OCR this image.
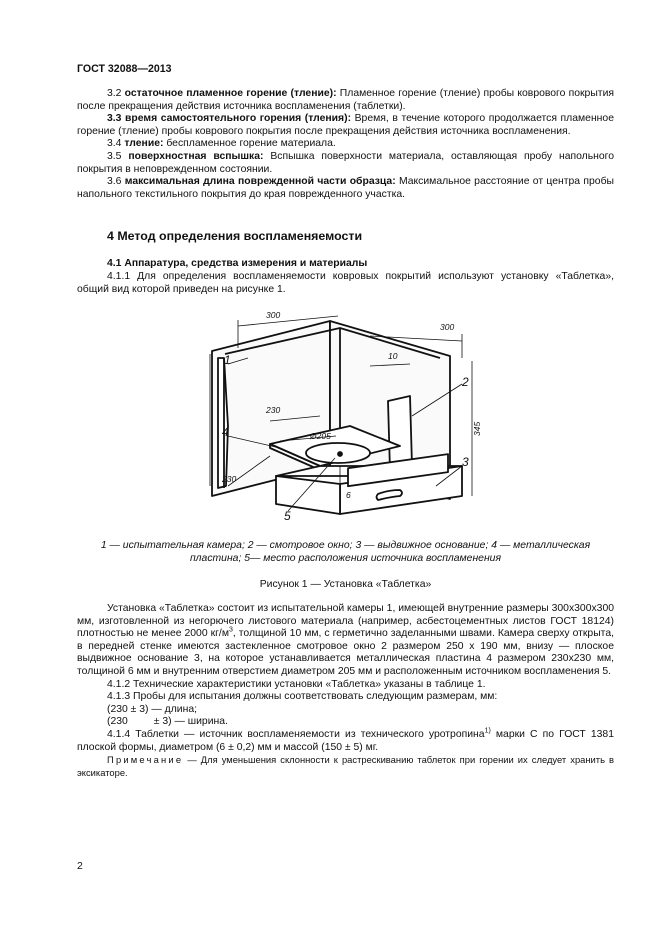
ГОСТ 32088—2013

3.2 остаточное пламенное горение (тление): Пламенное горение (тление) пробы коврового покрытия после прекращения действия источника воспламенения (таблетки).

3.3 время самостоятельного горения (тления): Время, в течение которого продолжается пламенное горение (тление) пробы коврового покрытия после прекращения действия источника воспламенения.

3.4 тление: беспламенное горение материала.

3.5 поверхностная вспышка: Вспышка поверхности материала, оставляющая пробу напольного покрытия в неповрежденном состоянии.

3.6 максимальная длина поврежденной части образца: Максимальное расстояние от центра пробы напольного текстильного покрытия до края поврежденного участка.

4 Метод определения воспламеняемости
4.1 Аппаратура, средства измерения и материалы
4.1.1 Для определения воспламеняемости ковровых покрытий используют установку «Таблетка», общий вид которой приведен на рисунке 1.
300
300
10
230
Ø205	345
230
6
1
2
3
4
5
1 — испытательная камера; 2 — смотровое окно; 3 — выдвижное основание; 4 — металлическая пластина; 5— место расположения источника воспламенения
Рисунок 1 — Установка «Таблетка»

Установка «Таблетка» состоит из испытательной камеры 1, имеющей внутренние размеры 300x300x300 мм, изготовленной из негорючего листового материала (например, асбестоцементных листов ГОСТ 18124) плотностью не менее 2000 $кг/м^3$, толщиной 10 мм, с герметично заделанными швами. Камера сверху открыта, в передней стенке имеются застекленное смотровое окно 2 размером 250 x 190 мм, внизу — плоское выдвижное основание 3, на которое устанавливается металлическая пластина 4 размером 230x230 мм, толщиной 6 мм и внутренним отверстием диаметром 205 мм и расположенным источником воспламенения 5.

4.1.2 Технические характеристики установки «Таблетка» указаны в таблице 1.

4.1.3 Пробы для испытания должны соответствовать следующим размерам, мм:

(230 ± 3) — длина;

(230	± 3) — ширина.

4.1.4 Таблетки — источник воспламеняемости из технического уротропина$^{1)}$ марки С по ГОСТ 1381 плоской формы, диаметром (6 ± 0,2) мм и массой (150 ± 5) мг.

Примечание — Для уменьшения склонности к растрескиванию таблеток при горении их следует хранить в эксикаторе.

2
